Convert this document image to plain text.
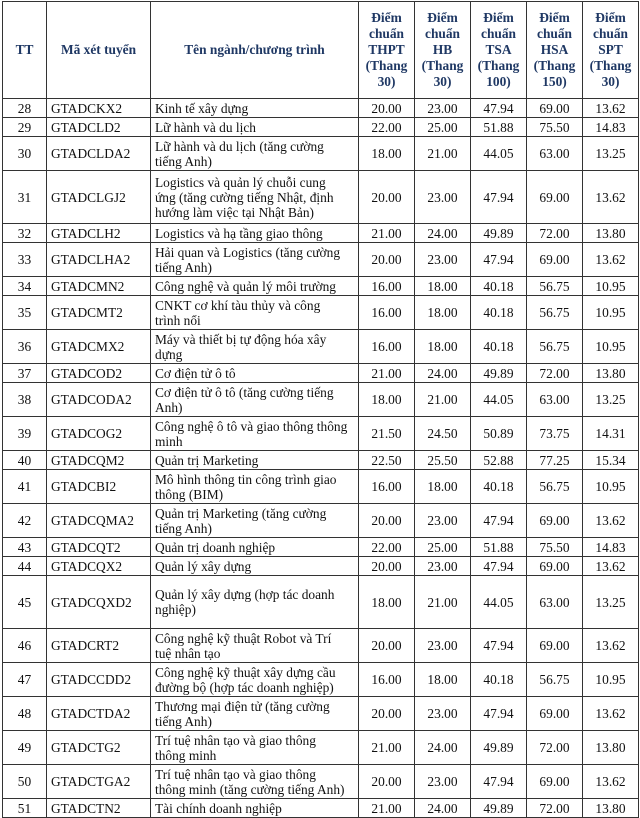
TT	Mã xét tuyển	Tên ngành/chương trình	Điểm
chuẩn
THPT
(Thang
30)	Điểm
chuẩn
HB
(Thang
30)	Điểm
chuẩn
TSA
(Thang
100)	Điểm
chuẩn
HSA
(Thang
150)	Điểm
chuẩn
SPT
(Thang
30)
28	GTADCKX2	Kinh tế xây dựng	20.00	23.00	47.94	69.00	13.62
29	GTADCLD2	Lữ hành và du lịch	22.00	25.00	51.88	75.50	14.83
30	GTADCLDA2	Lữ hành và du lịch (tăng cường
tiếng Anh)	18.00	21.00	44.05	63.00	13.25
31	GTADCLGJ2	Logistics và quản lý chuỗi cung
ứng (tăng cường tiếng Nhật, định
hướng làm việc tại Nhật Bản)	20.00	23.00	47.94	69.00	13.62
32	GTADCLH2	Logistics và hạ tầng giao thông	21.00	24.00	49.89	72.00	13.80
33	GTADCLHA2	Hải quan và Logistics (tăng cường
tiếng Anh)	20.00	23.00	47.94	69.00	13.62
34	GTADCMN2	Công nghệ và quản lý môi trường	16.00	18.00	40.18	56.75	10.95
35	GTADCMT2	CNKT cơ khí tàu thủy và công
trình nổi	16.00	18.00	40.18	56.75	10.95
36	GTADCMX2	Máy và thiết bị tự động hóa xây
dựng	16.00	18.00	40.18	56.75	10.95
37	GTADCOD2	Cơ điện tử ô tô	21.00	24.00	49.89	72.00	13.80
38	GTADCODA2	Cơ điện tử ô tô (tăng cường tiếng
Anh)	18.00	21.00	44.05	63.00	13.25
39	GTADCOG2	Công nghệ ô tô và giao thông thông
minh	21.50	24.50	50.89	73.75	14.31
40	GTADCQM2	Quản trị Marketing	22.50	25.50	52.88	77.25	15.34
41	GTADCBI2	Mô hình thông tin công trình giao
thông (BIM)	16.00	18.00	40.18	56.75	10.95
42	GTADCQMA2	Quản trị Marketing (tăng cường
tiếng Anh)	20.00	23.00	47.94	69.00	13.62
43	GTADCQT2	Quản trị doanh nghiệp	22.00	25.00	51.88	75.50	14.83
44	GTADCQX2	Quản lý xây dựng	20.00	23.00	47.94	69.00	13.62
45	GTADCQXD2	Quản lý xây dựng (hợp tác doanh
nghiệp)	18.00	21.00	44.05	63.00	13.25
46	GTADCRT2	Công nghệ kỹ thuật Robot và Trí
tuệ nhân tạo	20.00	23.00	47.94	69.00	13.62
47	GTADCCDD2	Công nghệ kỹ thuật xây dựng cầu
đường bộ (hợp tác doanh nghiệp)	16.00	18.00	40.18	56.75	10.95
48	GTADCTDA2	Thương mại điện tử (tăng cường
tiếng Anh)	20.00	23.00	47.94	69.00	13.62
49	GTADCTG2	Trí tuệ nhân tạo và giao thông
thông minh	21.00	24.00	49.89	72.00	13.80
50	GTADCTGA2	Trí tuệ nhân tạo và giao thông
thông minh (tăng cường tiếng Anh)	20.00	23.00	47.94	69.00	13.62
51	GTADCTN2	Tài chính doanh nghiệp	21.00	24.00	49.89	72.00	13.80
